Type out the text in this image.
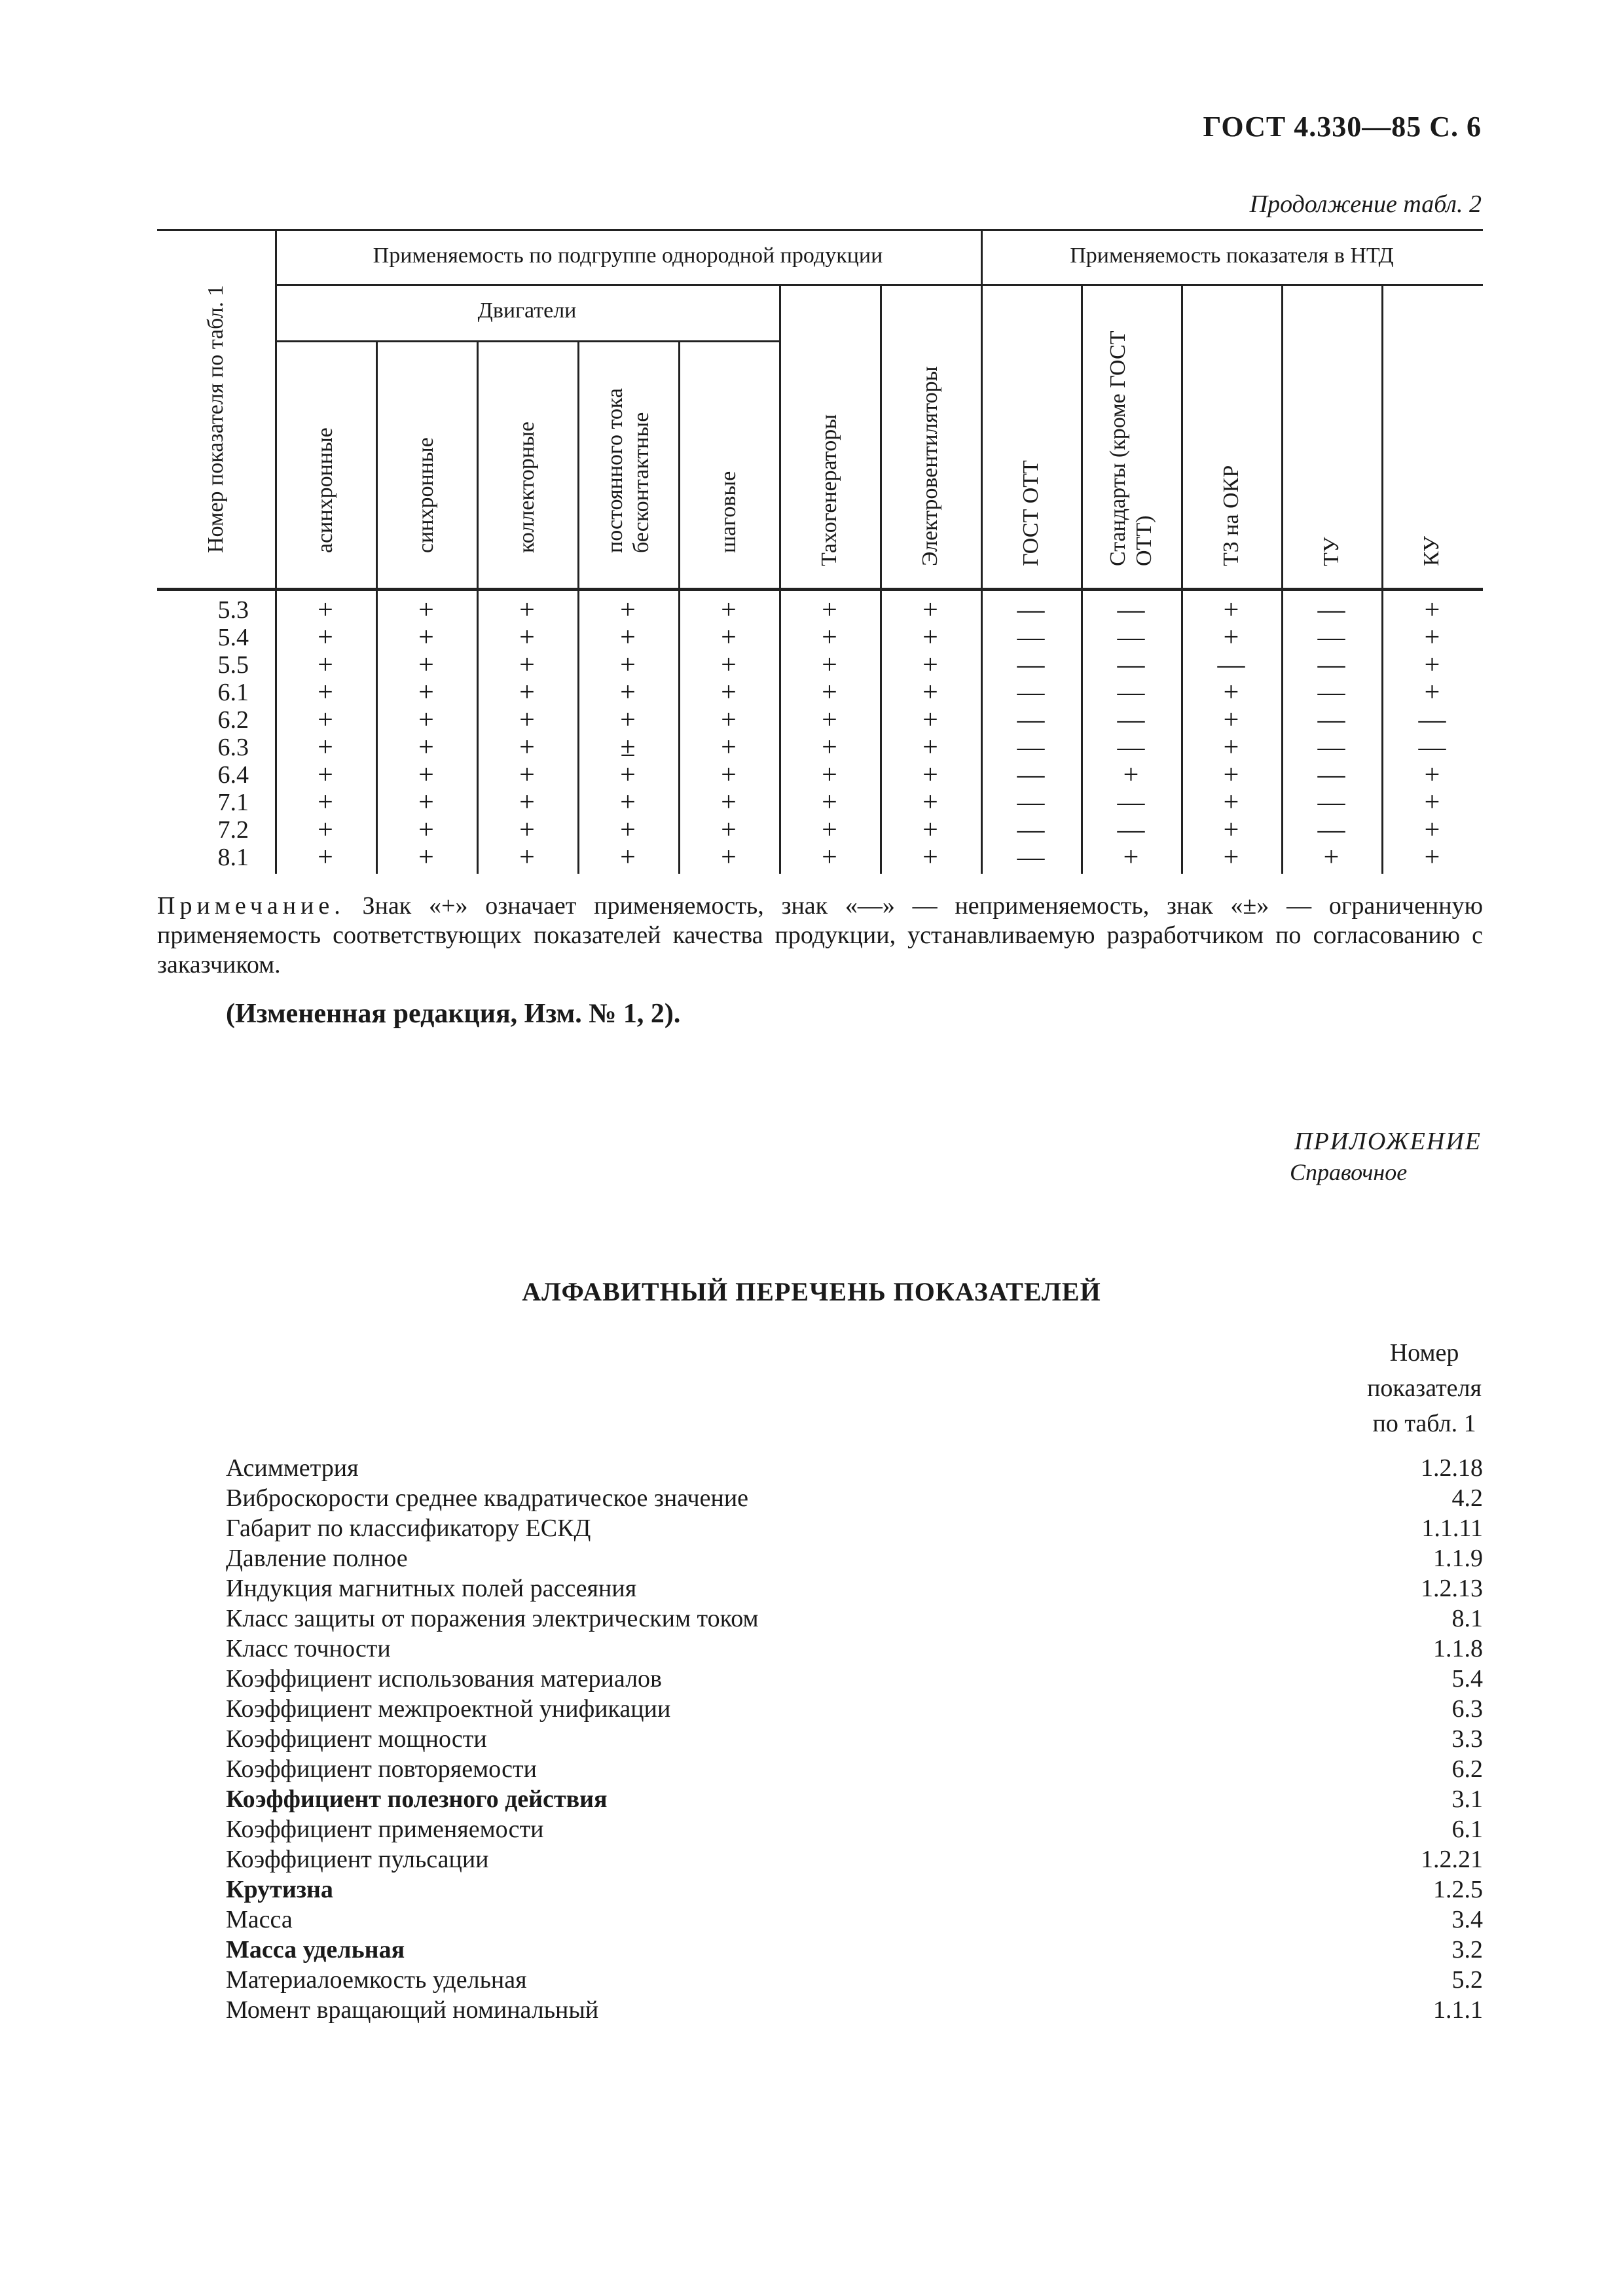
ГОСТ 4.330—85 С. 6
Продолжение табл. 2
Применяемость по подгруппе однородной продукции	Применяемость показателя в НТД
Двигатели
Номер показателя по табл. 1	асинхронные	синхронные	коллекторные	постоянного тока бесконтактные	шаговые	Тахогенераторы	Электровентиляторы	ГОСТ ОТТ	Стандарты (кроме ГОСТ ОТТ)	ТЗ на ОКР	ТУ	КУ
5.3	+	+	+	+	+	+	+	—	—	+	—	+
5.4	+	+	+	+	+	+	+	—	—	+	—	+
5.5	+	+	+	+	+	+	+	—	—	—	—	+
6.1	+	+	+	+	+	+	+	—	—	+	—	+
6.2	+	+	+	+	+	+	+	—	—	+	—	—
6.3	+	+	+	±	+	+	+	—	—	+	—	—
6.4	+	+	+	+	+	+	+	—	+	+	—	+
7.1	+	+	+	+	+	+	+	—	—	+	—	+
7.2	+	+	+	+	+	+	+	—	—	+	—	+
8.1	+	+	+	+	+	+	+	—	+	+	+	+
Примечание. Знак «+» означает применяемость, знак «—» — неприменяемость, знак «±» — ограниченную применяемость соответствующих показателей качества продукции, устанавливаемую разработчиком по согласованию с заказчиком.
(Измененная редакция, Изм. № 1, 2).
ПРИЛОЖЕНИЕ
Справочное
АЛФАВИТНЫЙ ПЕРЕЧЕНЬ ПОКАЗАТЕЛЕЙ
Номер
показателя
по табл. 1
Асимметрия	1.2.18
Виброскорости среднее квадратическое значение	4.2
Габарит по классификатору ЕСКД	1.1.11
Давление полное	1.1.9
Индукция магнитных полей рассеяния	1.2.13
Класс защиты от поражения электрическим током	8.1
Класс точности	1.1.8
Коэффициент использования материалов	5.4
Коэффициент межпроектной унификации	6.3
Коэффициент мощности	3.3
Коэффициент повторяемости	6.2
Коэффициент полезного действия	3.1
Коэффициент применяемости	6.1
Коэффициент пульсации	1.2.21
Крутизна	1.2.5
Масса	3.4
Масса удельная	3.2
Материалоемкость удельная	5.2
Момент вращающий номинальный	1.1.1
